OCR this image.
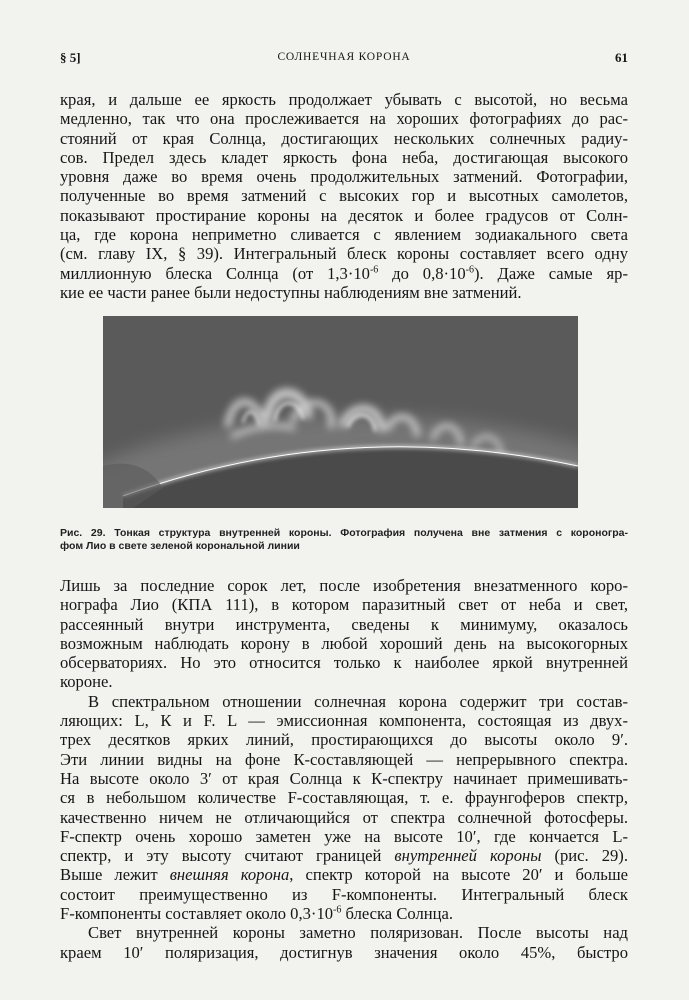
§ 5]	СОЛНЕЧНАЯ КОРОНА	61
края, и дальше ее яркость продолжает убывать с высотой, но весьма
медленно, так что она прослеживается на хороших фотографиях до рас-
стояний от края Солнца, достигающих нескольких солнечных радиу-
сов. Предел здесь кладет яркость фона неба, достигающая высокого
уровня даже во время очень продолжительных затмений. Фотографии,
полученные во время затмений с высоких гор и высотных самолетов,
показывают простирание короны на десяток и более градусов от Солн-
ца, где корона неприметно сливается с явлением зодиакального света
(см. главу IX, § 39). Интегральный блеск короны составляет всего одну
миллионную блеска Солнца (от $1,3\cdot 10^{-6}$ до $0,8\cdot 10^{-6}$). Даже самые яр-
кие ее части ранее были недоступны наблюдениям вне затмений.
Рис. 29. Тонкая структура внутренней короны. Фотография получена вне затмения с короногра-
фом Лио в свете зеленой корональной линии
Лишь за последние сорок лет, после изобретения внезатменного коро-
нографа Лио (КПА 111), в котором паразитный свет от неба и свет,
рассеянный внутри инструмента, сведены к минимуму, оказалось
возможным наблюдать корону в любой хороший день на высокогорных
обсерваториях. Но это относится только к наиболее яркой внутренней
короне.
В спектральном отношении солнечная корона содержит три состав-
ляющих: L, К и F. L — эмиссионная компонента, состоящая из двух-
трех десятков ярких линий, простирающихся до высоты около 9′.
Эти линии видны на фоне К-составляющей — непрерывного спектра.
На высоте около 3′ от края Солнца к К-спектру начинает примешивать-
ся в небольшом количестве F-составляющая, т. е. фраунгоферов спектр,
качественно ничем не отличающийся от спектра солнечной фотосферы.
F-спектр очень хорошо заметен уже на высоте 10′, где кончается L-
спектр, и эту высоту считают границей внутренней короны (рис. 29).
Выше лежит внешняя корона, спектр которой на высоте 20′ и больше
состоит преимущественно из F-компоненты. Интегральный блеск
F-компоненты составляет около $0,3\cdot 10^{-6}$ блеска Солнца.
Свет внутренней короны заметно поляризован. После высоты над
краем 10′ поляризация, достигнув значения около 45%, быстро
